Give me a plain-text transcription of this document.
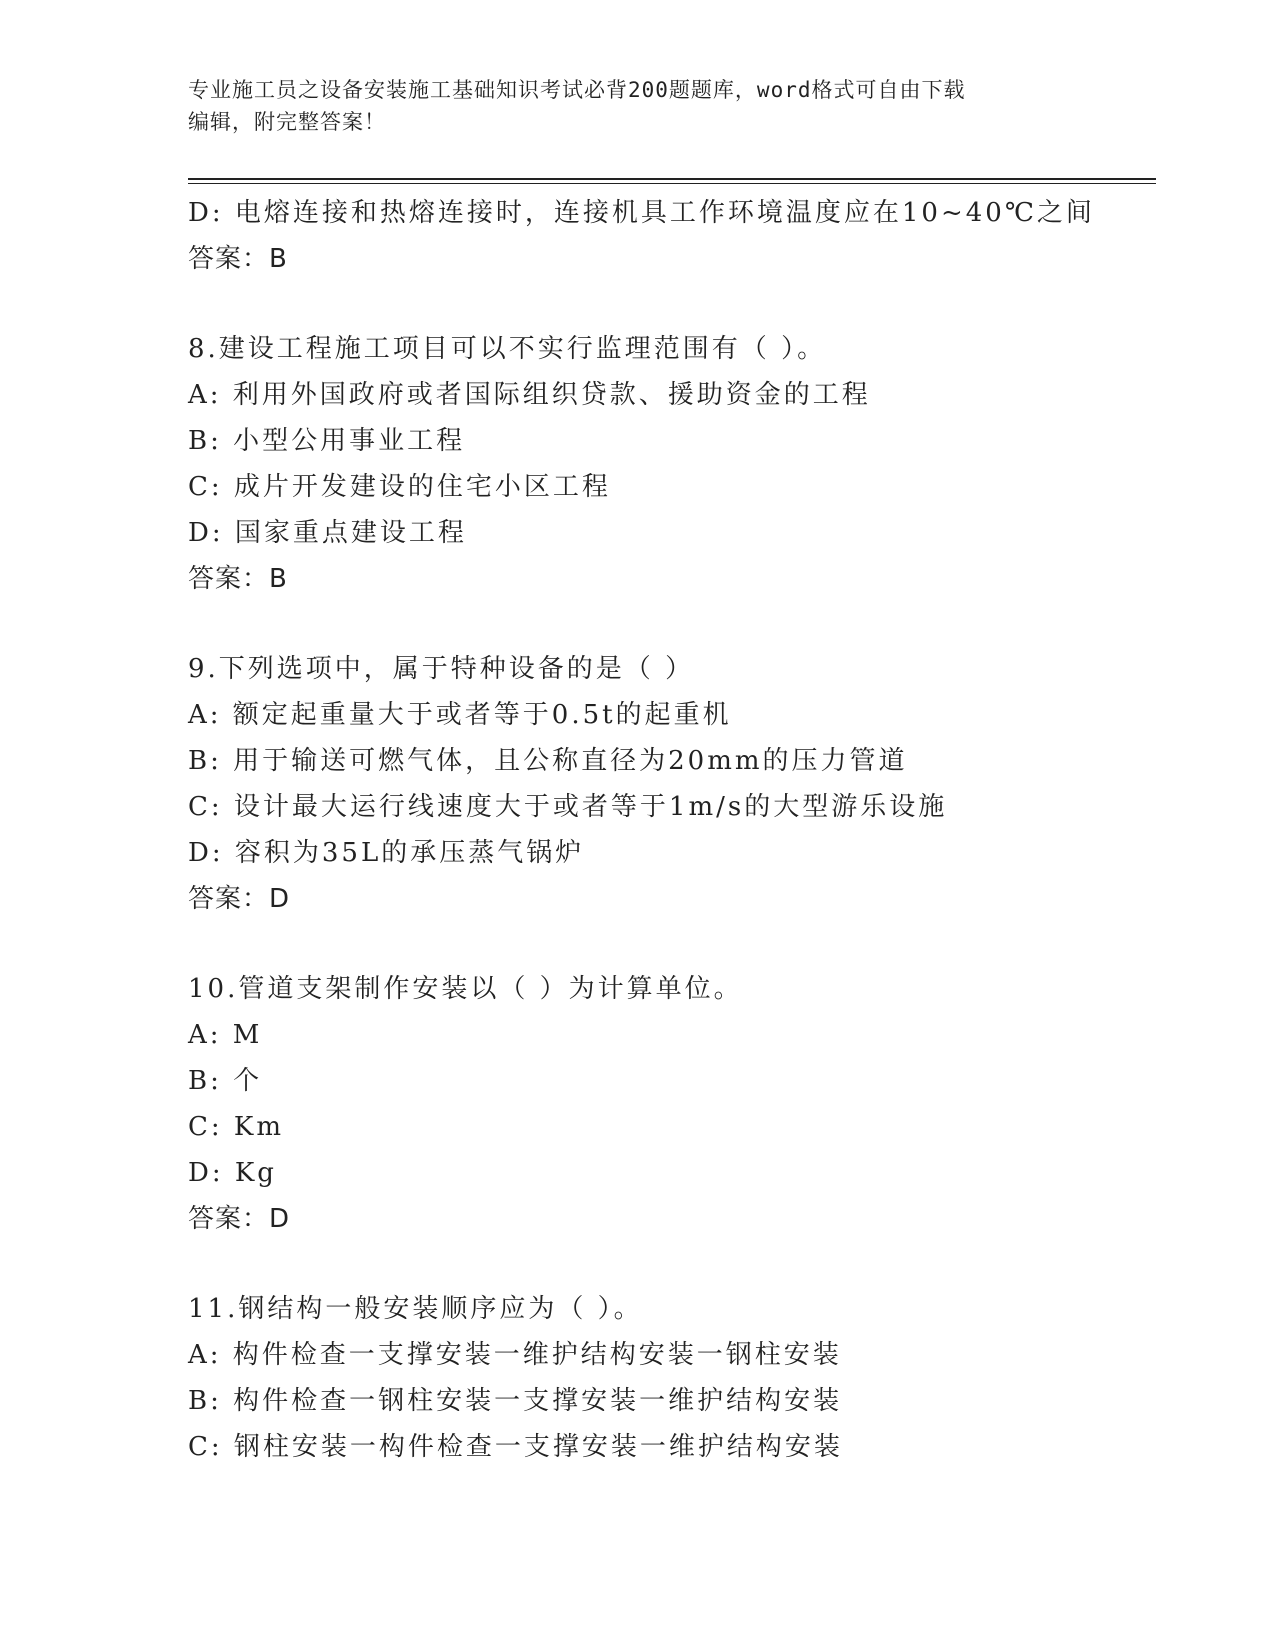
专业施工员之设备安装施工基础知识考试必背200题题库，word格式可自由下载
编辑，附完整答案！
D: 电熔连接和热熔连接时，连接机具工作环境温度应在10~40℃之间
答案：B
8.建设工程施工项目可以不实行监理范围有（ ）。
A: 利用外国政府或者国际组织贷款、援助资金的工程
B: 小型公用事业工程
C: 成片开发建设的住宅小区工程
D: 国家重点建设工程
答案：B
9.下列选项中，属于特种设备的是（ ）
A: 额定起重量大于或者等于0.5t的起重机
B: 用于输送可燃气体，且公称直径为20mm的压力管道
C: 设计最大运行线速度大于或者等于1m/s的大型游乐设施
D: 容积为35L的承压蒸气锅炉
答案：D
10.管道支架制作安装以（ ）为计算单位。
A: M
B: 个
C: Km
D: Kg
答案：D
11.钢结构一般安装顺序应为（ ）。
A: 构件检查一支撑安装一维护结构安装一钢柱安装
B: 构件检查一钢柱安装一支撑安装一维护结构安装
C: 钢柱安装一构件检查一支撑安装一维护结构安装
